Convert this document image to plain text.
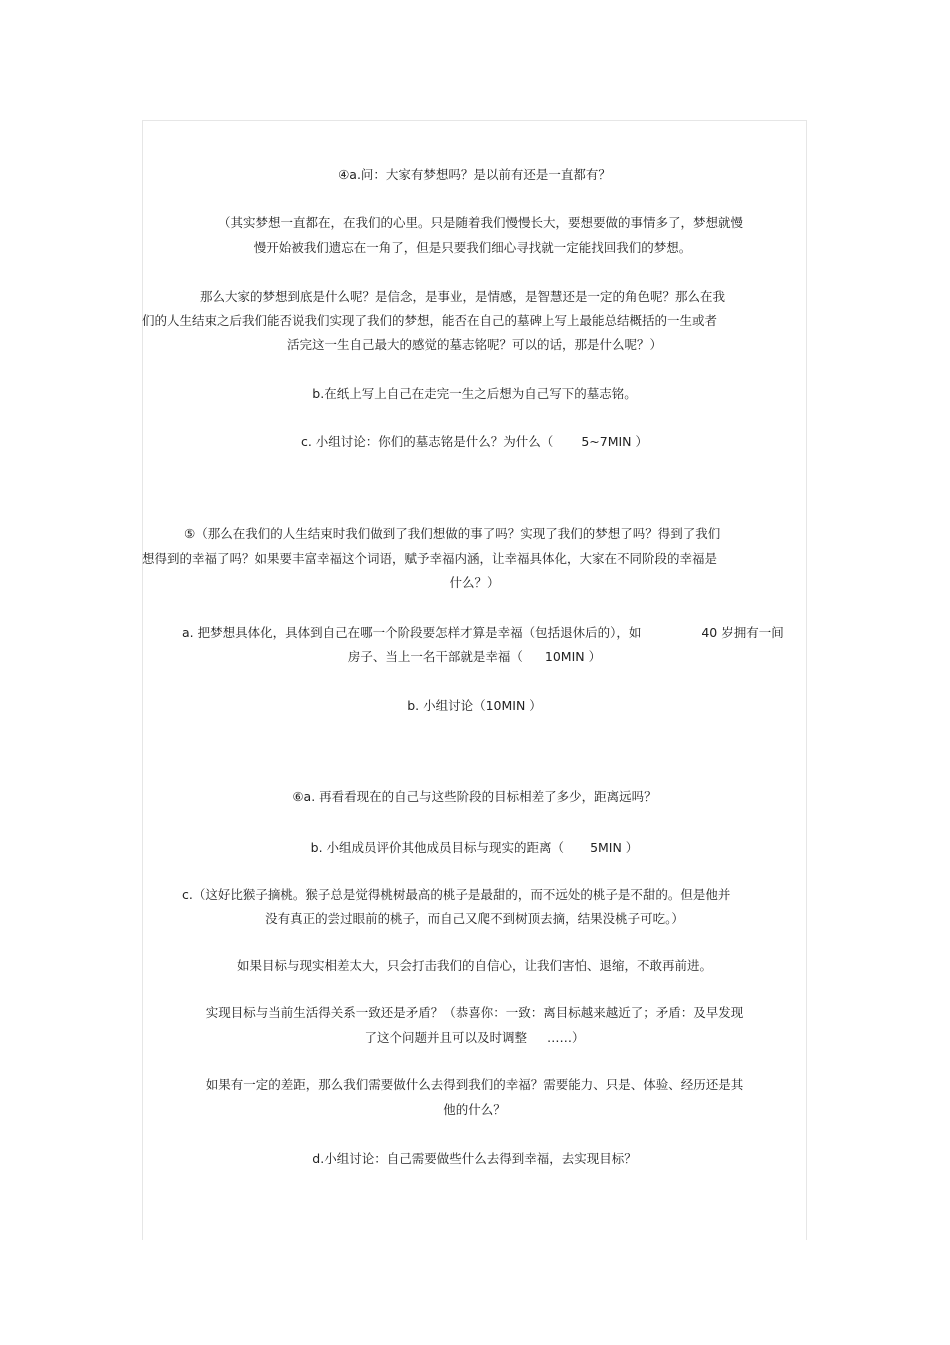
④a.问：大家有梦想吗？是以前有还是一直都有？
（其实梦想一直都在，在我们的心里。只是随着我们慢慢长大，要想要做的事情多了，梦想就慢
慢开始被我们遗忘在一角了，但是只要我们细心寻找就一定能找回我们的梦想。
那么大家的梦想到底是什么呢？是信念，是事业，是情感，是智慧还是一定的角色呢？那么在我
们的人生结束之后我们能否说我们实现了我们的梦想，能否在自己的墓碑上写上最能总结概括的一生或者
活完这一生自己最大的感觉的墓志铭呢？可以的话，那是什么呢？）
b.在纸上写上自己在走完一生之后想为自己写下的墓志铭。
c. 小组讨论：你们的墓志铭是什么？为什么（ 5~7MIN ）
⑤（那么在我们的人生结束时我们做到了我们想做的事了吗？实现了我们的梦想了吗？得到了我们
想得到的幸福了吗？如果要丰富幸福这个词语，赋予幸福内涵，让幸福具体化，大家在不同阶段的幸福是
什么？）
a. 把梦想具体化，具体到自己在哪一个阶段要怎样才算是幸福（包括退休后的），如	40 岁拥有一间
房子、当上一名干部就是幸福（ 10MIN ）
b. 小组讨论（10MIN ）
⑥a. 再看看现在的自己与这些阶段的目标相差了多少，距离远吗？
b. 小组成员评价其他成员目标与现实的距离（ 5MIN ）
c.（这好比猴子摘桃。猴子总是觉得桃树最高的桃子是最甜的，而不远处的桃子是不甜的。但是他并
没有真正的尝过眼前的桃子，而自己又爬不到树顶去摘，结果没桃子可吃。）
如果目标与现实相差太大，只会打击我们的自信心，让我们害怕、退缩，不敢再前进。
实现目标与当前生活得关系一致还是矛盾？（恭喜你：一致：离目标越来越近了；矛盾：及早发现
了这个问题并且可以及时调整 ……）
如果有一定的差距，那么我们需要做什么去得到我们的幸福？需要能力、只是、体验、经历还是其
他的什么？
d.小组讨论：自己需要做些什么去得到幸福，去实现目标？
